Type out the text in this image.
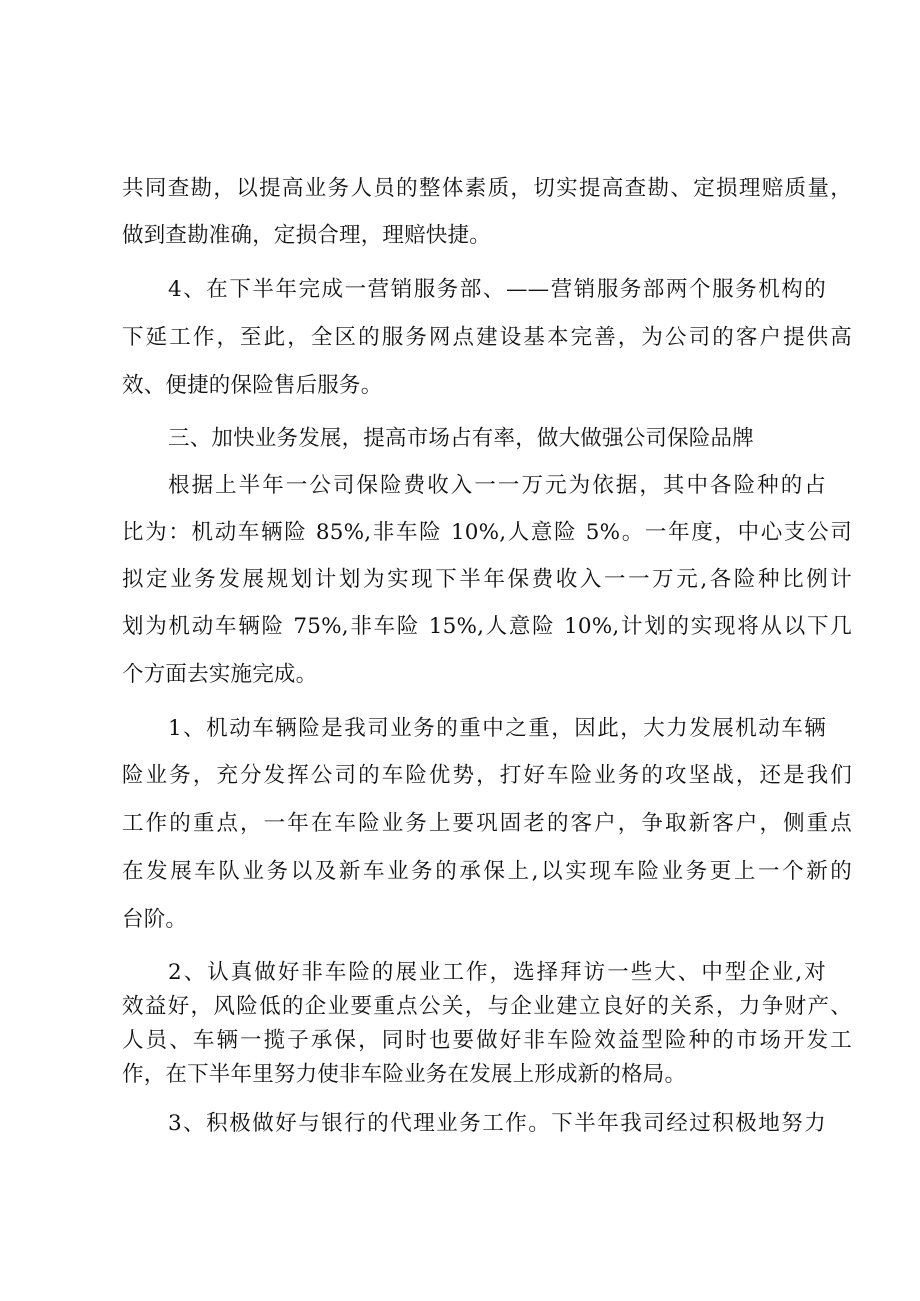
共同查勘，以提高业务人员的整体素质，切实提高查勘、定损理赔质量，
做到查勘准确，定损合理，理赔快捷。
4、在下半年完成一营销服务部、——营销服务部两个服务机构的
下延工作，至此，全区的服务网点建设基本完善，为公司的客户提供高
效、便捷的保险售后服务。
三、加快业务发展，提高市场占有率，做大做强公司保险品牌
根据上半年一公司保险费收入一一万元为依据，其中各险种的占
比为：机动车辆险 85%,非车险 10%,人意险 5%。一年度，中心支公司
拟定业务发展规划计划为实现下半年保费收入一一万元,各险种比例计
划为机动车辆险 75%,非车险 15%,人意险 10%,计划的实现将从以下几
个方面去实施完成。
1、机动车辆险是我司业务的重中之重，因此，大力发展机动车辆
险业务，充分发挥公司的车险优势，打好车险业务的攻坚战，还是我们
工作的重点，一年在车险业务上要巩固老的客户，争取新客户，侧重点
在发展车队业务以及新车业务的承保上,以实现车险业务更上一个新的
台阶。
2、认真做好非车险的展业工作，选择拜访一些大、中型企业,对
效益好，风险低的企业要重点公关，与企业建立良好的关系，力争财产、
人员、车辆一揽子承保，同时也要做好非车险效益型险种的市场开发工
作，在下半年里努力使非车险业务在发展上形成新的格局。
3、积极做好与银行的代理业务工作。下半年我司经过积极地努力
